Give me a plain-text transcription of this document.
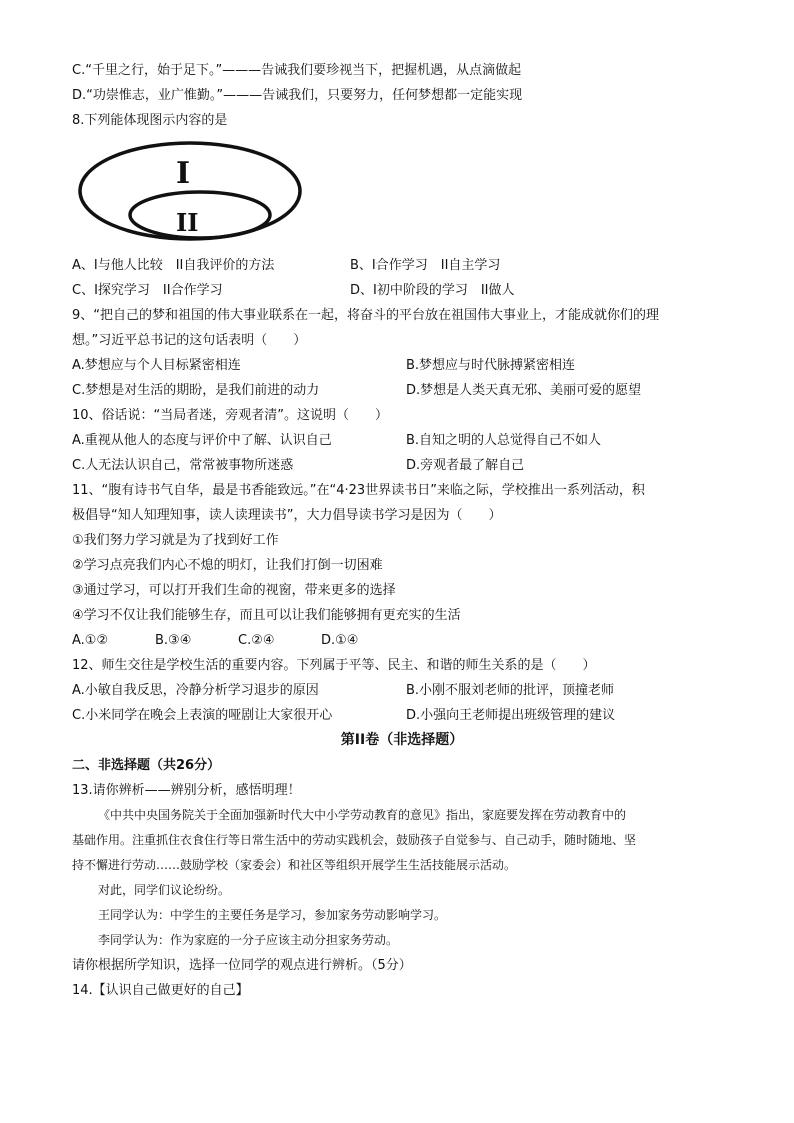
C.“千里之行，始于足下。”———告诫我们要珍视当下，把握机遇，从点滴做起
D.“功崇惟志，业广惟勤。”———告诫我们，只要努力，任何梦想都一定能实现
8.下列能体现图示内容的是
I
II
A、I与他人比较　II自我评价的方法	B、I合作学习　II自主学习
C、I探究学习　II合作学习	D、I初中阶段的学习　II做人
9、“把自己的梦和祖国的伟大事业联系在一起，将奋斗的平台放在祖国伟大事业上，才能成就你们的理
想。”习近平总书记的这句话表明（　　）
A.梦想应与个人目标紧密相连	B.梦想应与时代脉搏紧密相连
C.梦想是对生活的期盼，是我们前进的动力	D.梦想是人类天真无邪、美丽可爱的愿望
10、俗话说：“当局者迷，旁观者清”。这说明（　　）
A.重视从他人的态度与评价中了解、认识自己	B.自知之明的人总觉得自己不如人
C.人无法认识自己，常常被事物所迷惑	D.旁观者最了解自己
11、“腹有诗书气自华，最是书香能致远。”在“4·23世界读书日”来临之际，学校推出一系列活动，积
极倡导“知人知理知事，读人读理读书”，大力倡导读书学习是因为（　　）
①我们努力学习就是为了找到好工作
②学习点亮我们内心不熄的明灯，让我们打倒一切困难
③通过学习，可以打开我们生命的视窗，带来更多的选择
④学习不仅让我们能够生存，而且可以让我们能够拥有更充实的生活
A.①②	B.③④	C.②④	D.①④
12、师生交往是学校生活的重要内容。下列属于平等、民主、和谐的师生关系的是（　　）
A.小敏自我反思，冷静分析学习退步的原因	B.小刚不服刘老师的批评，顶撞老师
C.小米同学在晚会上表演的哑剧让大家很开心	D.小强向王老师提出班级管理的建议
第II卷（非选择题）
二、非选择题（共26分）
13.请你辨析——辨别分析，感悟明理！
《中共中央国务院关于全面加强新时代大中小学劳动教育的意见》指出，家庭要发挥在劳动教育中的
基础作用。注重抓住衣食住行等日常生活中的劳动实践机会，鼓励孩子自觉参与、自己动手，随时随地、坚
持不懈进行劳动……鼓励学校（家委会）和社区等组织开展学生生活技能展示活动。
对此，同学们议论纷纷。
王同学认为：中学生的主要任务是学习，参加家务劳动影响学习。
李同学认为：作为家庭的一分子应该主动分担家务劳动。
请你根据所学知识，选择一位同学的观点进行辨析。（5分）
14.【认识自己做更好的自己】
